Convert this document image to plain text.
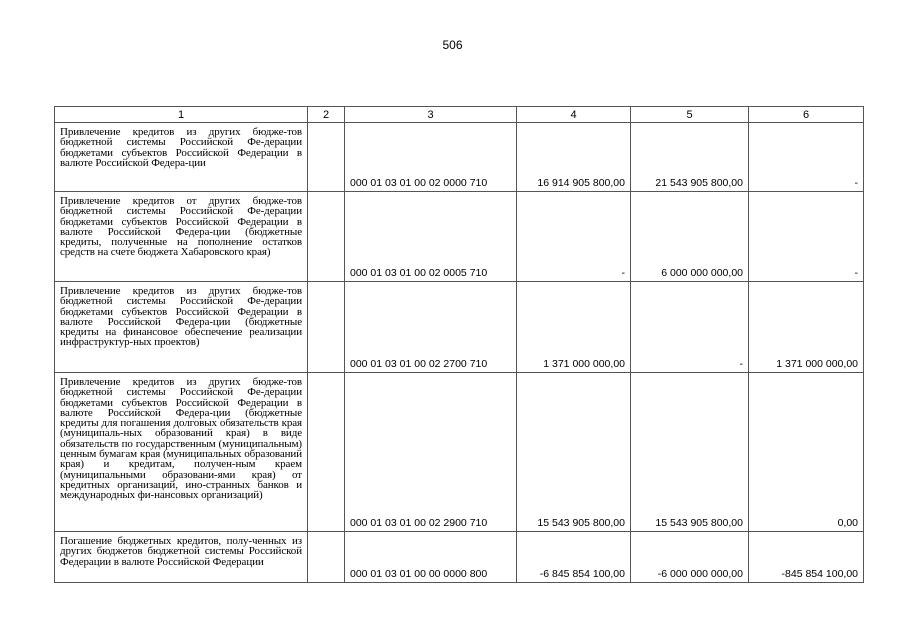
506
1	2	3	4	5	6
Привлечение кредитов из других бюдже-тов бюджетной системы Российской Фе-дерации бюджетами субъектов Российской Федерации в валюте Российской Федера-ции		000 01 03 01 00 02 0000 710	16 914 905 800,00	21 543 905 800,00	-
Привлечение кредитов от других бюдже-тов бюджетной системы Российской Фе-дерации бюджетами субъектов Российской Федерации в валюте Российской Федера-ции (бюджетные кредиты, полученные на пополнение остатков средств на счете бюджета Хабаровского края)		000 01 03 01 00 02 0005 710	-	6 000 000 000,00	-
Привлечение кредитов из других бюдже-тов бюджетной системы Российской Фе-дерации бюджетами субъектов Российской Федерации в валюте Российской Федера-ции (бюджетные кредиты на финансовое обеспечение реализации инфраструктур-ных проектов)		000 01 03 01 00 02 2700 710	1 371 000 000,00	-	1 371 000 000,00
Привлечение кредитов из других бюдже-тов бюджетной системы Российской Фе-дерации бюджетами субъектов Российской Федерации в валюте Российской Федера-ции (бюджетные кредиты для погашения долговых обязательств края (муниципаль-ных образований края) в виде обязательств по государственным (муниципальным) ценным бумагам края (муниципальных образований края) и кредитам, получен-ным краем (муниципальными образовани-ями края) от кредитных организаций, ино-странных банков и международных фи-нансовых организаций)		000 01 03 01 00 02 2900 710	15 543 905 800,00	15 543 905 800,00	0,00
Погашение бюджетных кредитов, полу-ченных из других бюджетов бюджетной системы Российской Федерации в валюте Российской Федерации		000 01 03 01 00 00 0000 800	-6 845 854 100,00	-6 000 000 000,00	-845 854 100,00
